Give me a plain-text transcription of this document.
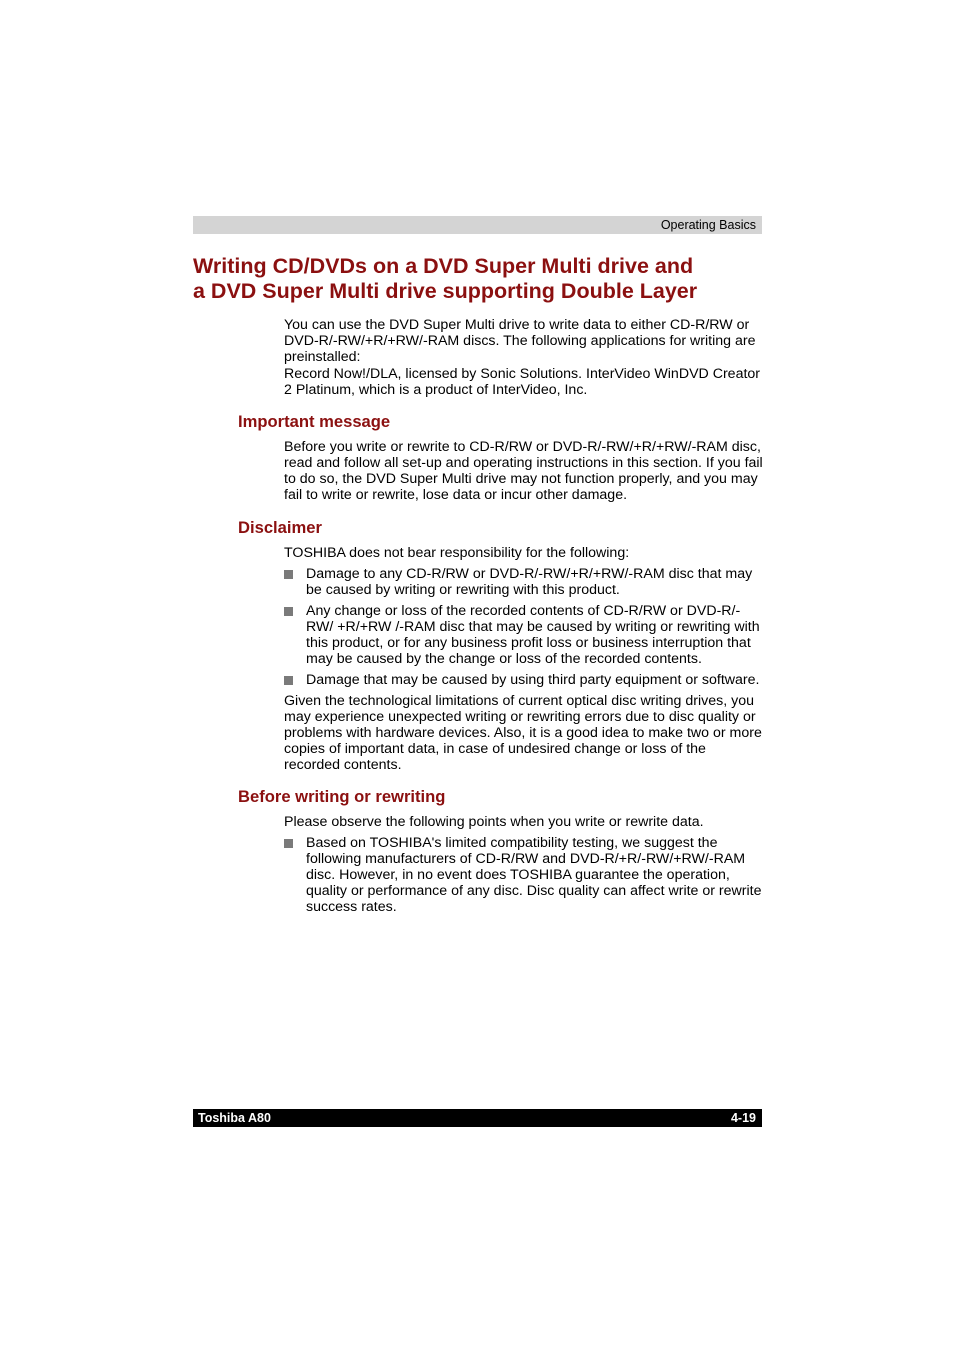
Operating Basics
Writing CD/DVDs on a DVD Super Multi drive and
a DVD Super Multi drive supporting Double Layer

You can use the DVD Super Multi drive to write data to either CD-R/RW or DVD-R/-RW/+R/+RW/-RAM discs. The following applications for writing are preinstalled:

Record Now!/DLA, licensed by Sonic Solutions. InterVideo WinDVD Creator 2 Platinum, which is a product of InterVideo, Inc.

Important message

Before you write or rewrite to CD-R/RW or DVD-R/-RW/+R/+RW/-RAM disc, read and follow all set-up and operating instructions in this section. If you fail to do so, the DVD Super Multi drive may not function properly, and you may fail to write or rewrite, lose data or incur other damage.

Disclaimer

TOSHIBA does not bear responsibility for the following:

Damage to any CD-R/RW or DVD-R/-RW/+R/+RW/-RAM disc that may be caused by writing or rewriting with this product.
Any change or loss of the recorded contents of CD-R/RW or DVD-R/-RW/ +R/+RW /-RAM disc that may be caused by writing or rewriting with this product, or for any business profit loss or business interruption that may be caused by the change or loss of the recorded contents.
Damage that may be caused by using third party equipment or software.

Given the technological limitations of current optical disc writing drives, you may experience unexpected writing or rewriting errors due to disc quality or problems with hardware devices. Also, it is a good idea to make two or more copies of important data, in case of undesired change or loss of the recorded contents.

Before writing or rewriting

Please observe the following points when you write or rewrite data.

Based on TOSHIBA's limited compatibility testing, we suggest the following manufacturers of CD-R/RW and DVD-R/+R/-RW/+RW/-RAM disc. However, in no event does TOSHIBA guarantee the operation, quality or performance of any disc. Disc quality can affect write or rewrite success rates.
Toshiba A80	4-19
